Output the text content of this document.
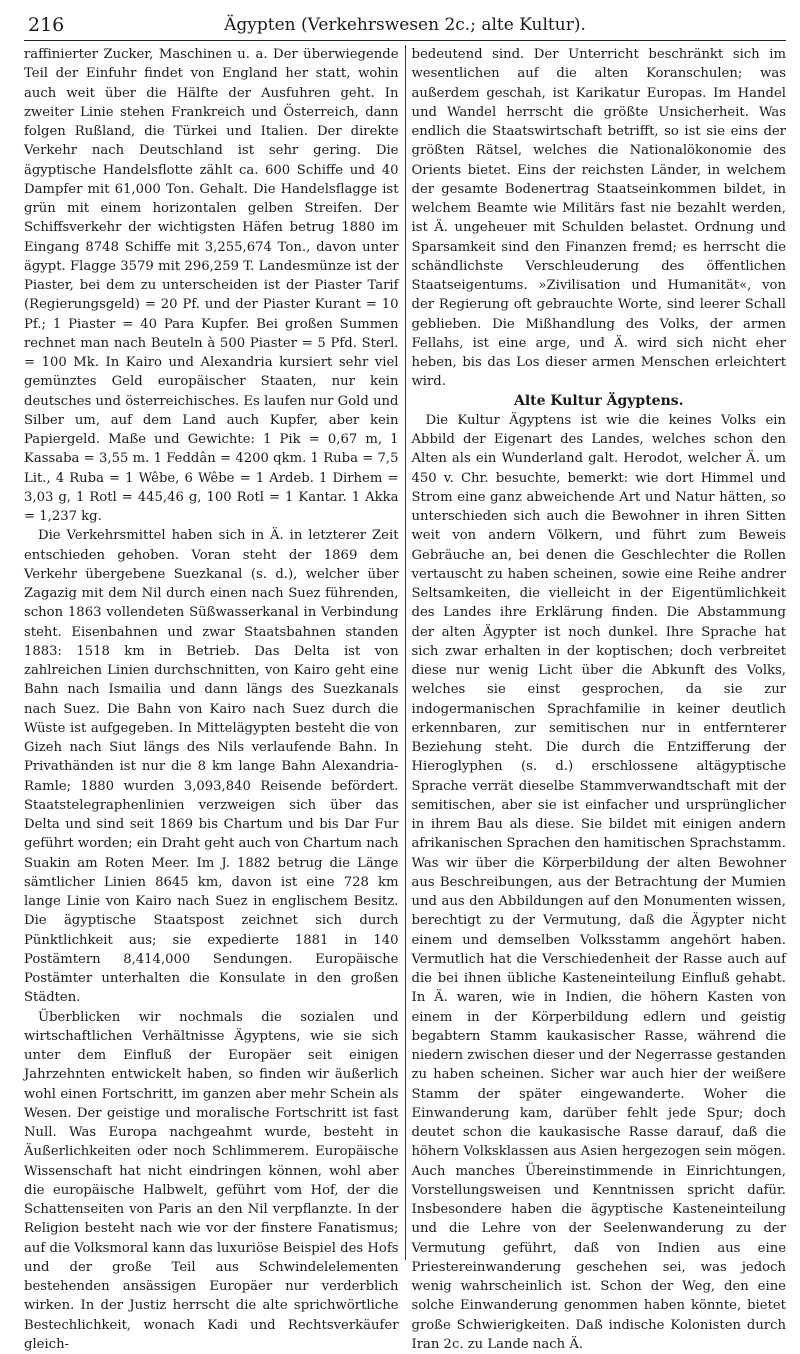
216	Ägypten (Verkehrswesen 2c.; alte Kultur).

raffinierter Zucker, Maschinen u. a. Der überwiegende Teil der Einfuhr findet von England her statt, wohin auch weit über die Hälfte der Ausfuhren geht. In zweiter Linie stehen Frankreich und Österreich, dann folgen Rußland, die Türkei und Italien. Der direkte Verkehr nach Deutschland ist sehr gering. Die ägyptische Handelsflotte zählt ca. 600 Schiffe und 40 Dampfer mit 61,000 Ton. Gehalt. Die Handelsflagge ist grün mit einem horizontalen gelben Streifen. Der Schiffsverkehr der wichtigsten Häfen betrug 1880 im Eingang 8748 Schiffe mit 3,255,674 Ton., davon unter ägypt. Flagge 3579 mit 296,259 T. Landesmünze ist der Piaster, bei dem zu unterscheiden ist der Piaster Tarif (Regierungsgeld) = 20 Pf. und der Piaster Kurant = 10 Pf.; 1 Piaster = 40 Para Kupfer. Bei großen Summen rechnet man nach Beuteln à 500 Piaster = 5 Pfd. Sterl. = 100 Mk. In Kairo und Alexandria kursiert sehr viel gemünztes Geld europäischer Staaten, nur kein deutsches und österreichisches. Es laufen nur Gold und Silber um, auf dem Land auch Kupfer, aber kein Papiergeld. Maße und Gewichte: 1 Pik = 0,67 m, 1 Kassaba = 3,55 m. 1 Feddân = 4200 qkm. 1 Ruba = 7,5 Lit., 4 Ruba = 1 Wêbe, 6 Wêbe = 1 Ardeb. 1 Dirhem = 3,03 g, 1 Rotl = 445,46 g, 100 Rotl = 1 Kantar. 1 Akka = 1,237 kg.

Die Verkehrsmittel haben sich in Ä. in letzterer Zeit entschieden gehoben. Voran steht der 1869 dem Verkehr übergebene Suezkanal (s. d.), welcher über Zagazig mit dem Nil durch einen nach Suez führenden, schon 1863 vollendeten Süßwasserkanal in Verbindung steht. Eisenbahnen und zwar Staatsbahnen standen 1883: 1518 km in Betrieb. Das Delta ist von zahlreichen Linien durchschnitten, von Kairo geht eine Bahn nach Ismailia und dann längs des Suezkanals nach Suez. Die Bahn von Kairo nach Suez durch die Wüste ist aufgegeben. In Mittelägypten besteht die von Gizeh nach Siut längs des Nils verlaufende Bahn. In Privathänden ist nur die 8 km lange Bahn Alexandria-Ramle; 1880 wurden 3,093,840 Reisende befördert. Staatstelegraphenlinien verzweigen sich über das Delta und sind seit 1869 bis Chartum und bis Dar Fur geführt worden; ein Draht geht auch von Chartum nach Suakin am Roten Meer. Im J. 1882 betrug die Länge sämtlicher Linien 8645 km, davon ist eine 728 km lange Linie von Kairo nach Suez in englischem Besitz. Die ägyptische Staatspost zeichnet sich durch Pünktlichkeit aus; sie expedierte 1881 in 140 Postämtern 8,414,000 Sendungen. Europäische Postämter unterhalten die Konsulate in den großen Städten.

Überblicken wir nochmals die sozialen und wirtschaftlichen Verhältnisse Ägyptens, wie sie sich unter dem Einfluß der Europäer seit einigen Jahrzehnten entwickelt haben, so finden wir äußerlich wohl einen Fortschritt, im ganzen aber mehr Schein als Wesen. Der geistige und moralische Fortschritt ist fast Null. Was Europa nachgeahmt wurde, besteht in Äußerlichkeiten oder noch Schlimmerem. Europäische Wissenschaft hat nicht eindringen können, wohl aber die europäische Halbwelt, geführt vom Hof, der die Schattenseiten von Paris an den Nil verpflanzte. In der Religion besteht nach wie vor der finstere Fanatismus; auf die Volksmoral kann das luxuriöse Beispiel des Hofs und der große Teil aus Schwindelelementen bestehenden ansässigen Europäer nur verderblich wirken. In der Justiz herrscht die alte sprichwörtliche Bestechlichkeit, wonach Kadi und Rechtsverkäufer gleich-

bedeutend sind. Der Unterricht beschränkt sich im wesentlichen auf die alten Koranschulen; was außerdem geschah, ist Karikatur Europas. Im Handel und Wandel herrscht die größte Unsicherheit. Was endlich die Staatswirtschaft betrifft, so ist sie eins der größten Rätsel, welches die Nationalökonomie des Orients bietet. Eins der reichsten Länder, in welchem der gesamte Bodenertrag Staatseinkommen bildet, in welchem Beamte wie Militärs fast nie bezahlt werden, ist Ä. ungeheuer mit Schulden belastet. Ordnung und Sparsamkeit sind den Finanzen fremd; es herrscht die schändlichste Verschleuderung des öffentlichen Staatseigentums. »Zivilisation und Humanität«, von der Regierung oft gebrauchte Worte, sind leerer Schall geblieben. Die Mißhandlung des Volks, der armen Fellahs, ist eine arge, und Ä. wird sich nicht eher heben, bis das Los dieser armen Menschen erleichtert wird.

Alte Kultur Ägyptens.

Die Kultur Ägyptens ist wie die keines Volks ein Abbild der Eigenart des Landes, welches schon den Alten als ein Wunderland galt. Herodot, welcher Ä. um 450 v. Chr. besuchte, bemerkt: wie dort Himmel und Strom eine ganz abweichende Art und Natur hätten, so unterschieden sich auch die Bewohner in ihren Sitten weit von andern Völkern, und führt zum Beweis Gebräuche an, bei denen die Geschlechter die Rollen vertauscht zu haben scheinen, sowie eine Reihe andrer Seltsamkeiten, die vielleicht in der Eigentümlichkeit des Landes ihre Erklärung finden. Die Abstammung der alten Ägypter ist noch dunkel. Ihre Sprache hat sich zwar erhalten in der koptischen; doch verbreitet diese nur wenig Licht über die Abkunft des Volks, welches sie einst gesprochen, da sie zur indogermanischen Sprachfamilie in keiner deutlich erkennbaren, zur semitischen nur in entfernterer Beziehung steht. Die durch die Entzifferung der Hieroglyphen (s. d.) erschlossene altägyptische Sprache verrät dieselbe Stammverwandtschaft mit der semitischen, aber sie ist einfacher und ursprünglicher in ihrem Bau als diese. Sie bildet mit einigen andern afrikanischen Sprachen den hamitischen Sprachstamm. Was wir über die Körperbildung der alten Bewohner aus Beschreibungen, aus der Betrachtung der Mumien und aus den Abbildungen auf den Monumenten wissen, berechtigt zu der Vermutung, daß die Ägypter nicht einem und demselben Volksstamm angehört haben. Vermutlich hat die Verschiedenheit der Rasse auch auf die bei ihnen übliche Kasteneinteilung Einfluß gehabt. In Ä. waren, wie in Indien, die höhern Kasten von einem in der Körperbildung edlern und geistig begabtern Stamm kaukasischer Rasse, während die niedern zwischen dieser und der Negerrasse gestanden zu haben scheinen. Sicher war auch hier der weißere Stamm der später eingewanderte. Woher die Einwanderung kam, darüber fehlt jede Spur; doch deutet schon die kaukasische Rasse darauf, daß die höhern Volksklassen aus Asien hergezogen sein mögen. Auch manches Übereinstimmende in Einrichtungen, Vorstellungsweisen und Kenntnissen spricht dafür. Insbesondere haben die ägyptische Kasteneinteilung und die Lehre von der Seelenwanderung zu der Vermutung geführt, daß von Indien aus eine Priestereinwanderung geschehen sei, was jedoch wenig wahrscheinlich ist. Schon der Weg, den eine solche Einwanderung genommen haben könnte, bietet große Schwierigkeiten. Daß indische Kolonisten durch Iran 2c. zu Lande nach Ä.
